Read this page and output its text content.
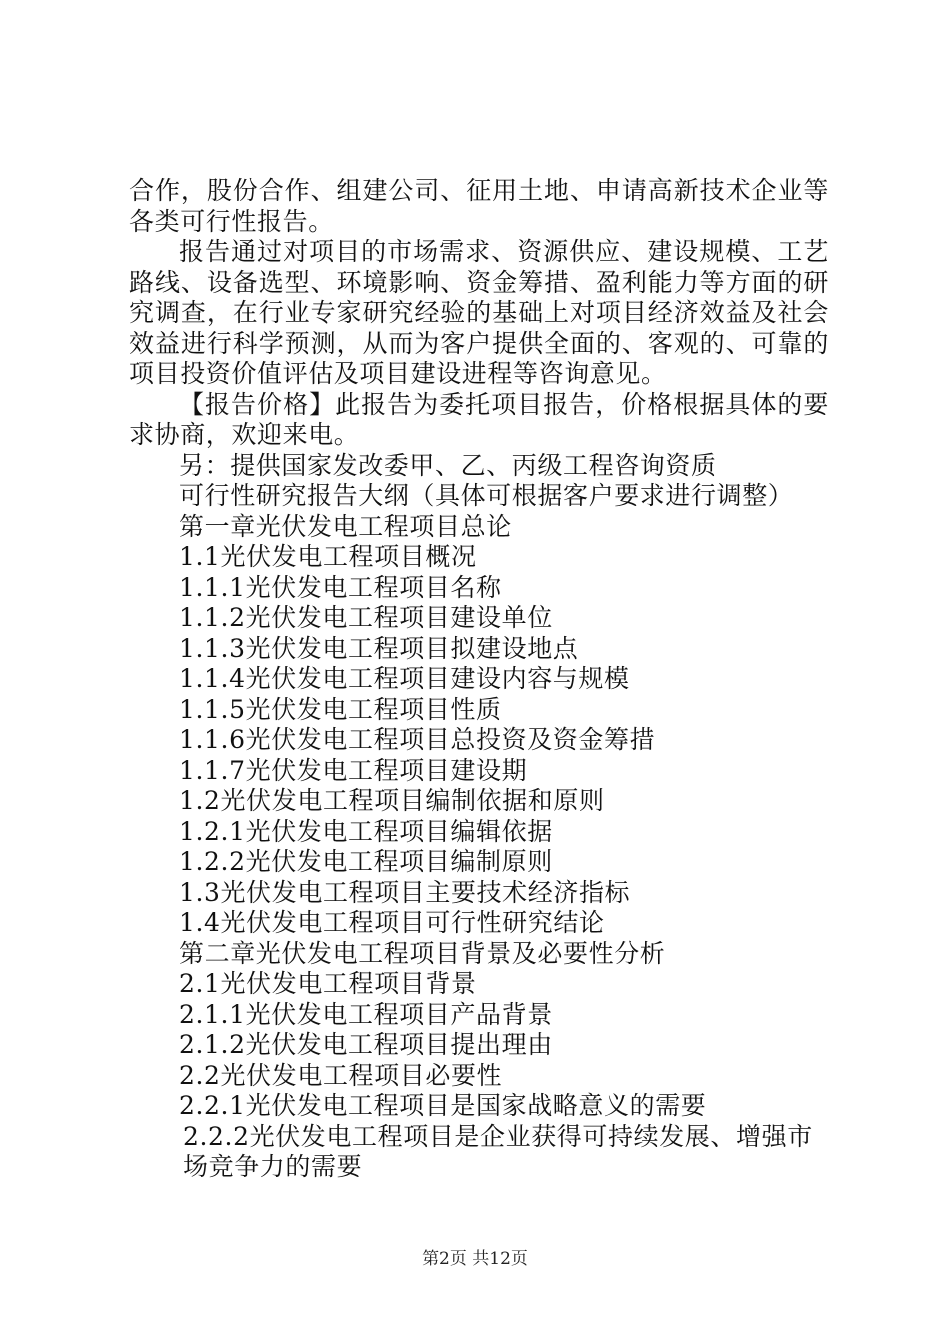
合作，股份合作、组建公司、征用土地、申请高新技术企业等各类可行性报告。

报告通过对项目的市场需求、资源供应、建设规模、工艺路线、设备选型、环境影响、资金筹措、盈利能力等方面的研究调查，在行业专家研究经验的基础上对项目经济效益及社会效益进行科学预测，从而为客户提供全面的、客观的、可靠的项目投资价值评估及项目建设进程等咨询意见。

【报告价格】此报告为委托项目报告，价格根据具体的要求协商，欢迎来电。

另：提供国家发改委甲、乙、丙级工程咨询资质
可行性研究报告大纲（具体可根据客户要求进行调整）
第一章光伏发电工程项目总论
1.1光伏发电工程项目概况
1.1.1光伏发电工程项目名称
1.1.2光伏发电工程项目建设单位
1.1.3光伏发电工程项目拟建设地点
1.1.4光伏发电工程项目建设内容与规模
1.1.5光伏发电工程项目性质
1.1.6光伏发电工程项目总投资及资金筹措
1.1.7光伏发电工程项目建设期
1.2光伏发电工程项目编制依据和原则
1.2.1光伏发电工程项目编辑依据
1.2.2光伏发电工程项目编制原则
1.3光伏发电工程项目主要技术经济指标
1.4光伏发电工程项目可行性研究结论
第二章光伏发电工程项目背景及必要性分析
2.1光伏发电工程项目背景
2.1.1光伏发电工程项目产品背景
2.1.2光伏发电工程项目提出理由
2.2光伏发电工程项目必要性
2.2.1光伏发电工程项目是国家战略意义的需要
2.2.2光伏发电工程项目是企业获得可持续发展、增强市场竞争力的需要
第2页 共12页
